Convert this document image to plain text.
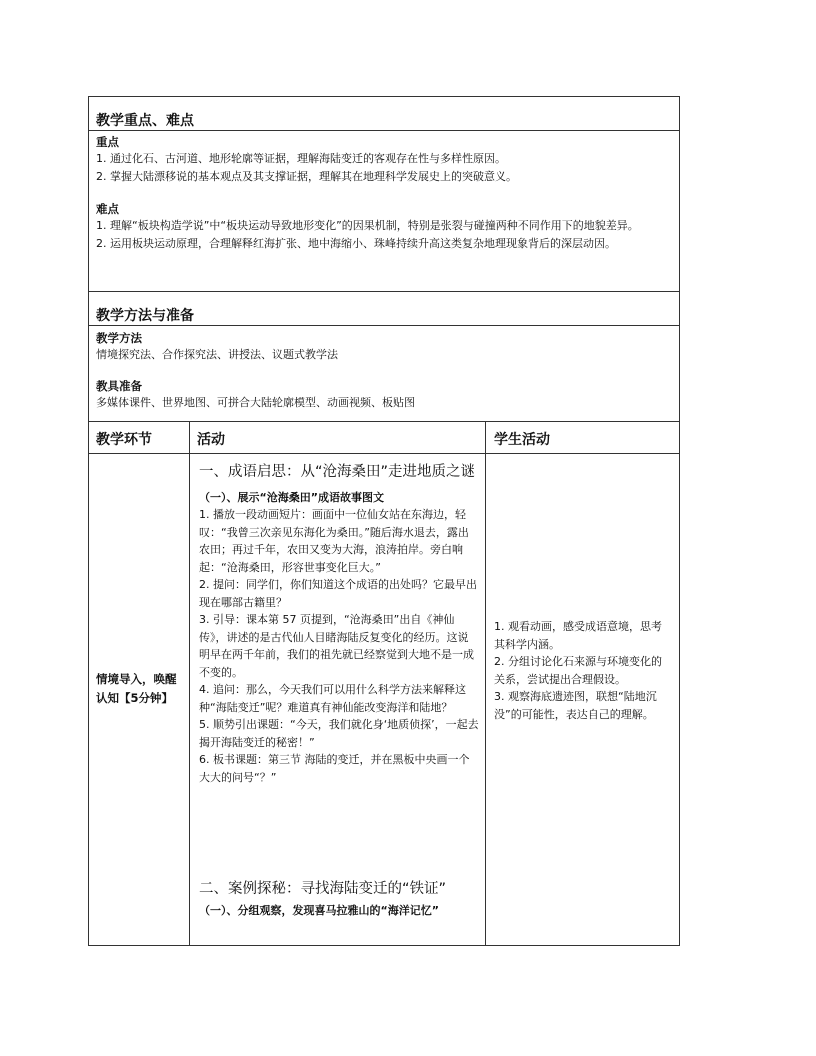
教学重点、难点
重点

1. 通过化石、古河道、地形轮廓等证据，理解海陆变迁的客观存在性与多样性原因。

2. 掌握大陆漂移说的基本观点及其支撑证据，理解其在地理科学发展史上的突破意义。

难点

1. 理解“板块构造学说”中“板块运动导致地形变化”的因果机制，特别是张裂与碰撞两种不同作用下的地貌差异。

2. 运用板块运动原理，合理解释红海扩张、地中海缩小、珠峰持续升高这类复杂地理现象背后的深层动因。

教学方法与准备
教学方法

情境探究法、合作探究法、讲授法、议题式教学法

教具准备

多媒体课件、世界地图、可拼合大陆轮廓模型、动画视频、板贴图

教学环节	活动	学生活动
情境导入，唤醒认知【5分钟】
一、成语启思：从“沧海桑田”走进地质之谜
（一）、展示“沧海桑田”成语故事图文

1. 播放一段动画短片：画面中一位仙女站在东海边，轻叹：“我曾三次亲见东海化为桑田。”随后海水退去，露出农田；再过千年，农田又变为大海，浪涛拍岸。旁白响起：“沧海桑田，形容世事变化巨大。”

2. 提问：同学们，你们知道这个成语的出处吗？它最早出现在哪部古籍里？

3. 引导：课本第 57 页提到，“沧海桑田”出自《神仙传》，讲述的是古代仙人目睹海陆反复变化的经历。这说明早在两千年前，我们的祖先就已经察觉到大地不是一成不变的。

4. 追问：那么，今天我们可以用什么科学方法来解释这种“海陆变迁”呢？难道真有神仙能改变海洋和陆地？

5. 顺势引出课题：“今天，我们就化身‘地质侦探’，一起去揭开海陆变迁的秘密！”

6. 板书课题：第三节 海陆的变迁，并在黑板中央画一个大大的问号“？”

二、案例探秘：寻找海陆变迁的“铁证”
（一）、分组观察，发现喜马拉雅山的“海洋记忆”

1. 观看动画，感受成语意境，思考其科学内涵。

2. 分组讨论化石来源与环境变化的关系，尝试提出合理假设。

3. 观察海底遗迹图，联想“陆地沉没”的可能性，表达自己的理解。
